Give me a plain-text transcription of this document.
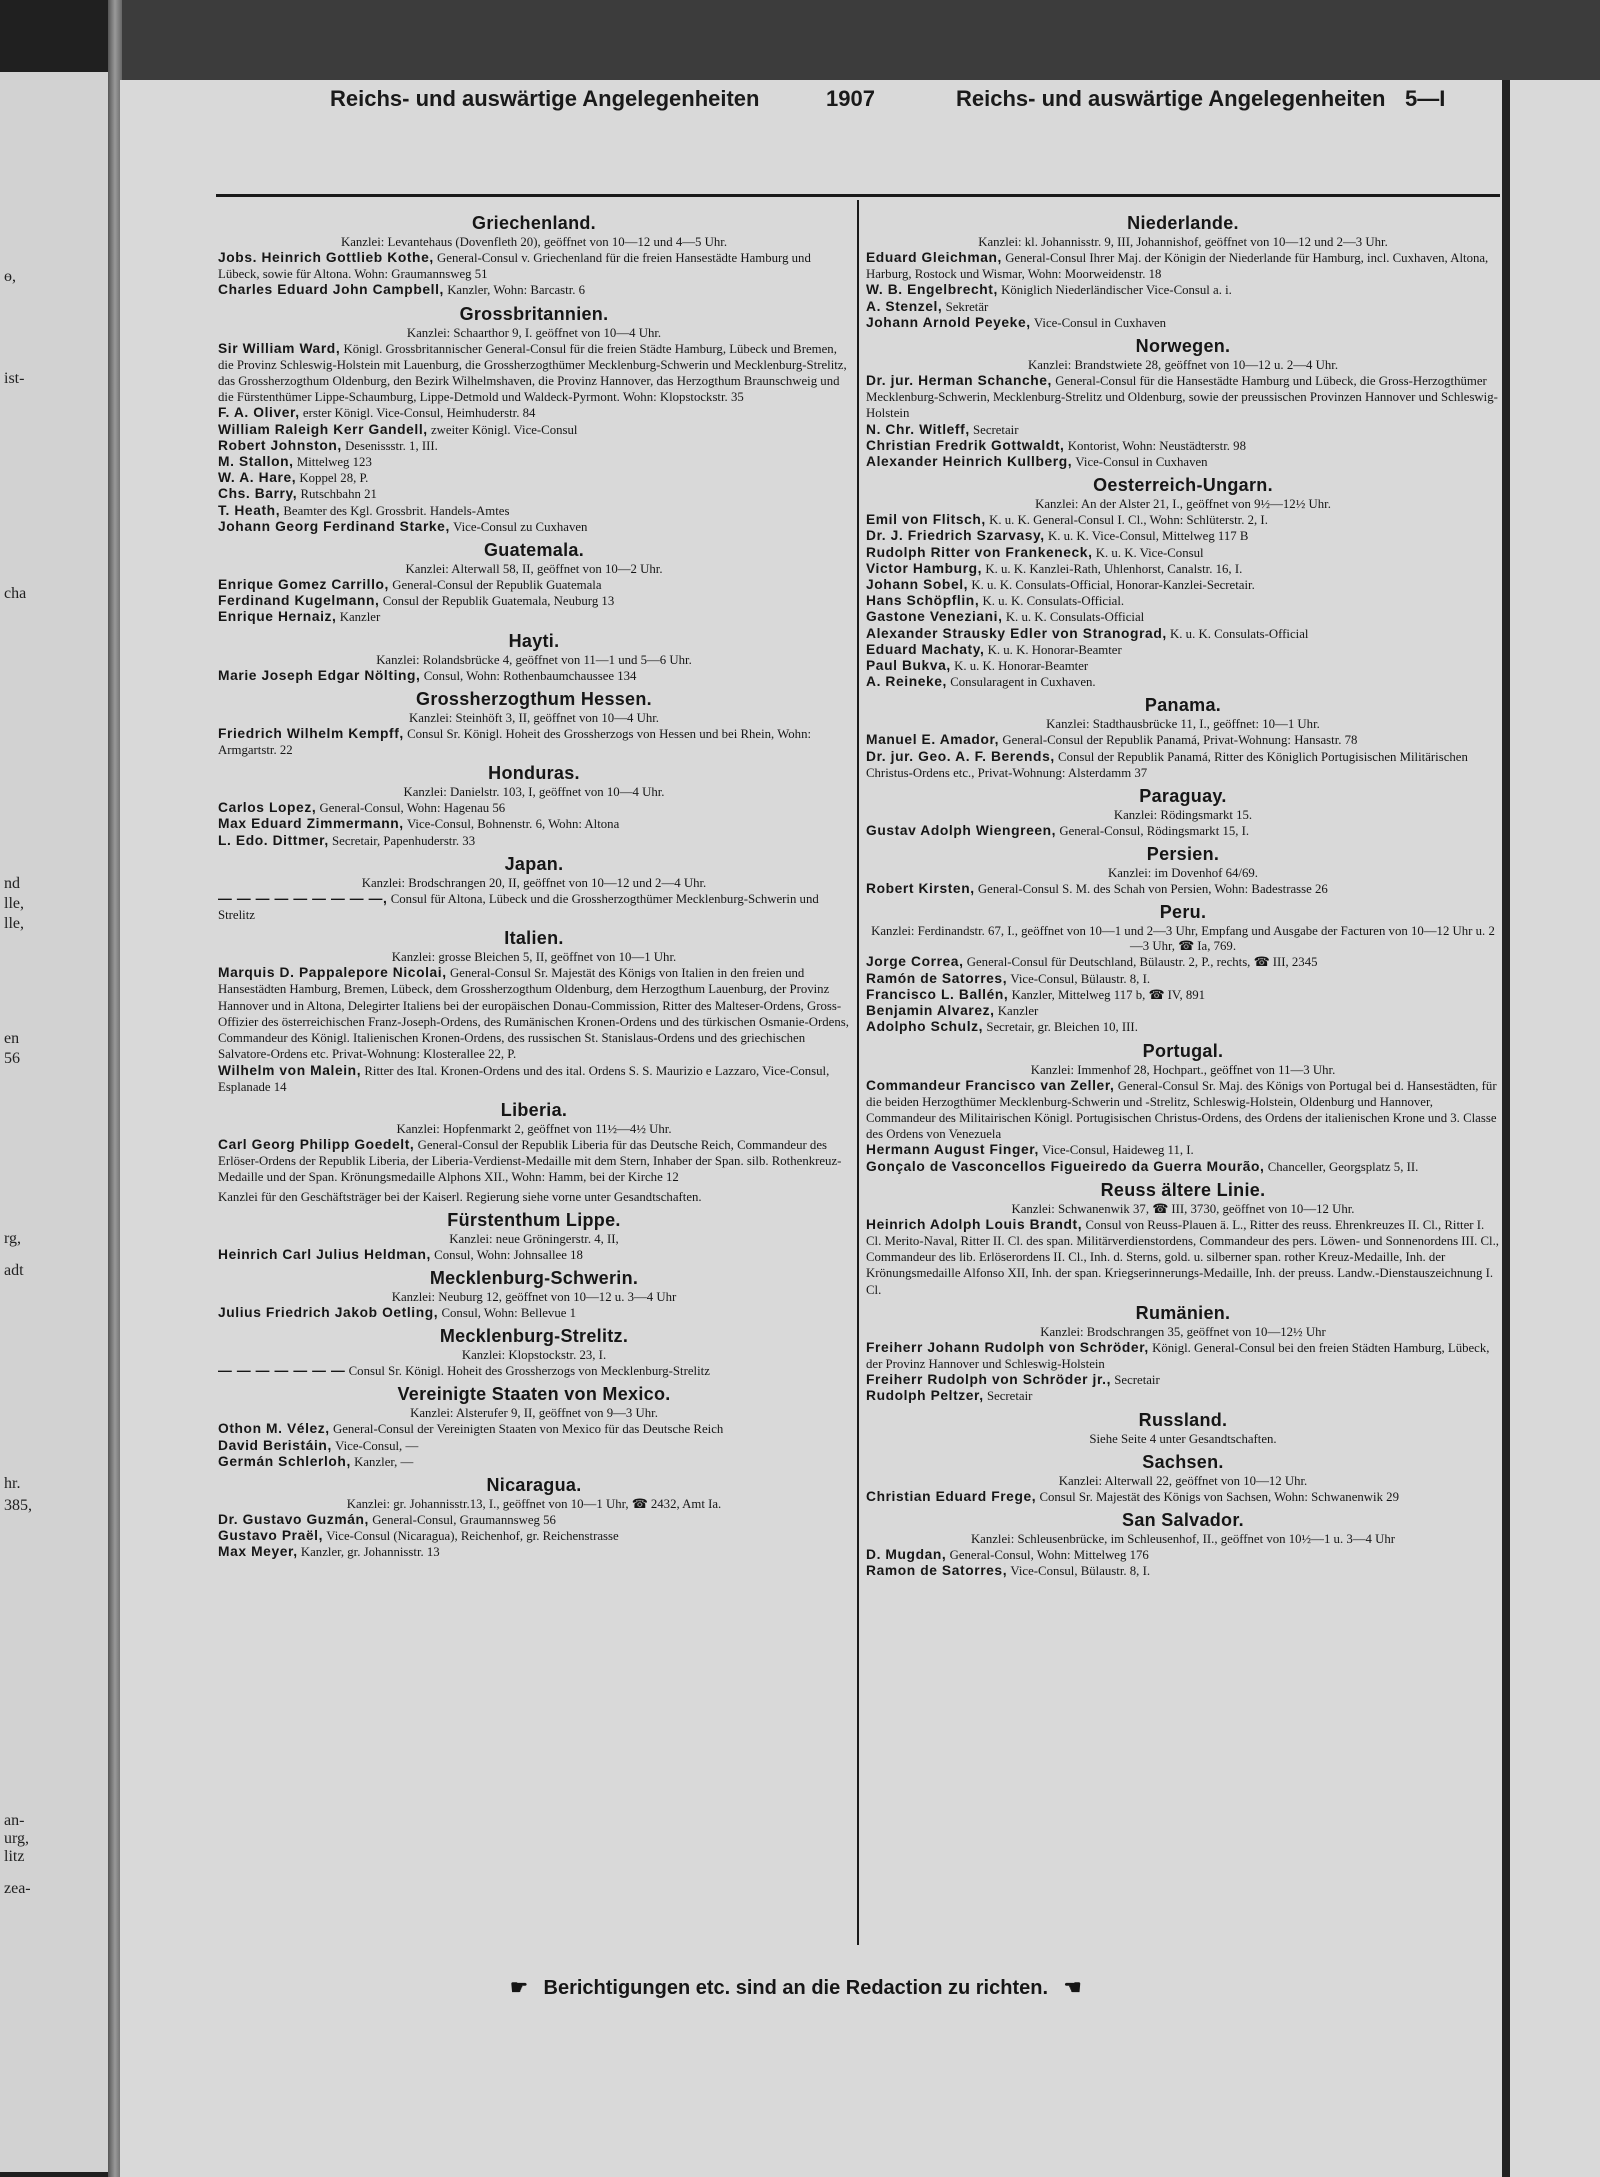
ɵ,
ist-
cha
nd
lle,
lle,
en
56
rg,
adt
hr.
385,
an-
urg,
litz
zea-
Reichs- und auswärtige Angelegenheiten	1907	Reichs- und auswärtige Angelegenheiten 5—I
Griechenland.
Kanzlei: Levantehaus (Dovenfleth 20), geöffnet von 10—12 und 4—5 Uhr.
Jobs. Heinrich Gottlieb Kothe, General-Consul v. Griechenland für die freien Hansestädte Hamburg und Lübeck, sowie für Altona. Wohn: Graumannsweg 51
Charles Eduard John Campbell, Kanzler, Wohn: Barcastr. 6
Grossbritannien.
Kanzlei: Schaarthor 9, I. geöffnet von 10—4 Uhr.
Sir William Ward, Königl. Grossbritannischer General-Consul für die freien Städte Hamburg, Lübeck und Bremen, die Provinz Schleswig-Holstein mit Lauenburg, die Grossherzogthümer Mecklenburg-Schwerin und Mecklenburg-Strelitz, das Grossherzogthum Oldenburg, den Bezirk Wilhelmshaven, die Provinz Hannover, das Herzogthum Braunschweig und die Fürstenthümer Lippe-Schaumburg, Lippe-Detmold und Waldeck-Pyrmont. Wohn: Klopstockstr. 35
F. A. Oliver, erster Königl. Vice-Consul, Heimhuderstr. 84
William Raleigh Kerr Gandell, zweiter Königl. Vice-Consul
Robert Johnston, Desenissstr. 1, III.
M. Stallon, Mittelweg 123
W. A. Hare, Koppel 28, P.
Chs. Barry, Rutschbahn 21
T. Heath, Beamter des Kgl. Grossbrit. Handels-Amtes
Johann Georg Ferdinand Starke, Vice-Consul zu Cuxhaven
Guatemala.
Kanzlei: Alterwall 58, II, geöffnet von 10—2 Uhr.
Enrique Gomez Carrillo, General-Consul der Republik Guatemala
Ferdinand Kugelmann, Consul der Republik Guatemala, Neuburg 13
Enrique Hernaiz, Kanzler
Hayti.
Kanzlei: Rolandsbrücke 4, geöffnet von 11—1 und 5—6 Uhr.
Marie Joseph Edgar Nölting, Consul, Wohn: Rothenbaumchaussee 134
Grossherzogthum Hessen.
Kanzlei: Steinhöft 3, II, geöffnet von 10—4 Uhr.
Friedrich Wilhelm Kempff, Consul Sr. Königl. Hoheit des Grossherzogs von Hessen und bei Rhein, Wohn: Armgartstr. 22
Honduras.
Kanzlei: Danielstr. 103, I, geöffnet von 10—4 Uhr.
Carlos Lopez, General-Consul, Wohn: Hagenau 56
Max Eduard Zimmermann, Vice-Consul, Bohnenstr. 6, Wohn: Altona
L. Edo. Dittmer, Secretair, Papenhuderstr. 33
Japan.
Kanzlei: Brodschrangen 20, II, geöffnet von 10—12 und 2—4 Uhr.
— — — — — — — — —, Consul für Altona, Lübeck und die Grossherzogthümer Mecklenburg-Schwerin und Strelitz
Italien.
Kanzlei: grosse Bleichen 5, II, geöffnet von 10—1 Uhr.
Marquis D. Pappalepore Nicolai, General-Consul Sr. Majestät des Königs von Italien in den freien und Hansestädten Hamburg, Bremen, Lübeck, dem Grossherzogthum Oldenburg, dem Herzogthum Lauenburg, der Provinz Hannover und in Altona, Delegirter Italiens bei der europäischen Donau-Commission, Ritter des Malteser-Ordens, Gross-Offizier des österreichischen Franz-Joseph-Ordens, des Rumänischen Kronen-Ordens und des türkischen Osmanie-Ordens, Commandeur des Königl. Italienischen Kronen-Ordens, des russischen St. Stanislaus-Ordens und des griechischen Salvatore-Ordens etc. Privat-Wohnung: Klosterallee 22, P.
Wilhelm von Malein, Ritter des Ital. Kronen-Ordens und des ital. Ordens S. S. Maurizio e Lazzaro, Vice-Consul, Esplanade 14
Liberia.
Kanzlei: Hopfenmarkt 2, geöffnet von 11½—4½ Uhr.
Carl Georg Philipp Goedelt, General-Consul der Republik Liberia für das Deutsche Reich, Commandeur des Erlöser-Ordens der Republik Liberia, der Liberia-Verdienst-Medaille mit dem Stern, Inhaber der Span. silb. Rothenkreuz-Medaille und der Span. Krönungsmedaille Alphons XII., Wohn: Hamm, bei der Kirche 12
Kanzlei für den Geschäftsträger bei der Kaiserl. Regierung siehe vorne unter Gesandtschaften.
Fürstenthum Lippe.
Kanzlei: neue Gröningerstr. 4, II,
Heinrich Carl Julius Heldman, Consul, Wohn: Johnsallee 18
Mecklenburg-Schwerin.
Kanzlei: Neuburg 12, geöffnet von 10—12 u. 3—4 Uhr
Julius Friedrich Jakob Oetling, Consul, Wohn: Bellevue 1
Mecklenburg-Strelitz.
Kanzlei: Klopstockstr. 23, I.
— — — — — — — Consul Sr. Königl. Hoheit des Grossherzogs von Mecklenburg-Strelitz
Vereinigte Staaten von Mexico.
Kanzlei: Alsterufer 9, II, geöffnet von 9—3 Uhr.
Othon M. Vélez, General-Consul der Vereinigten Staaten von Mexico für das Deutsche Reich
David Beristáin, Vice-Consul, —
Germán Schlerloh, Kanzler, —
Nicaragua.
Kanzlei: gr. Johannisstr.13, I., geöffnet von 10—1 Uhr, ☎ 2432, Amt Ia.
Dr. Gustavo Guzmán, General-Consul, Graumannsweg 56
Gustavo Praël, Vice-Consul (Nicaragua), Reichenhof, gr. Reichenstrasse
Max Meyer, Kanzler, gr. Johannisstr. 13
Niederlande.
Kanzlei: kl. Johannisstr. 9, III, Johannishof, geöffnet von 10—12 und 2—3 Uhr.
Eduard Gleichman, General-Consul Ihrer Maj. der Königin der Niederlande für Hamburg, incl. Cuxhaven, Altona, Harburg, Rostock und Wismar, Wohn: Moorweidenstr. 18
W. B. Engelbrecht, Königlich Niederländischer Vice-Consul a. i.
A. Stenzel, Sekretär
Johann Arnold Peyeke, Vice-Consul in Cuxhaven
Norwegen.
Kanzlei: Brandstwiete 28, geöffnet von 10—12 u. 2—4 Uhr.
Dr. jur. Herman Schanche, General-Consul für die Hansestädte Hamburg und Lübeck, die Gross-Herzogthümer Mecklenburg-Schwerin, Mecklenburg-Strelitz und Oldenburg, sowie der preussischen Provinzen Hannover und Schleswig-Holstein
N. Chr. Witleff, Secretair
Christian Fredrik Gottwaldt, Kontorist, Wohn: Neustädterstr. 98
Alexander Heinrich Kullberg, Vice-Consul in Cuxhaven
Oesterreich-Ungarn.
Kanzlei: An der Alster 21, I., geöffnet von 9½—12½ Uhr.
Emil von Flitsch, K. u. K. General-Consul I. Cl., Wohn: Schlüterstr. 2, I.
Dr. J. Friedrich Szarvasy, K. u. K. Vice-Consul, Mittelweg 117 B
Rudolph Ritter von Frankeneck, K. u. K. Vice-Consul
Victor Hamburg, K. u. K. Kanzlei-Rath, Uhlenhorst, Canalstr. 16, I.
Johann Sobel, K. u. K. Consulats-Official, Honorar-Kanzlei-Secretair.
Hans Schöpflin, K. u. K. Consulats-Official.
Gastone Veneziani, K. u. K. Consulats-Official
Alexander Strausky Edler von Stranograd, K. u. K. Consulats-Official
Eduard Machaty, K. u. K. Honorar-Beamter
Paul Bukva, K. u. K. Honorar-Beamter
A. Reineke, Consularagent in Cuxhaven.
Panama.
Kanzlei: Stadthausbrücke 11, I., geöffnet: 10—1 Uhr.
Manuel E. Amador, General-Consul der Republik Panamá, Privat-Wohnung: Hansastr. 78
Dr. jur. Geo. A. F. Berends, Consul der Republik Panamá, Ritter des Königlich Portugisischen Militärischen Christus-Ordens etc., Privat-Wohnung: Alsterdamm 37
Paraguay.
Kanzlei: Rödingsmarkt 15.
Gustav Adolph Wiengreen, General-Consul, Rödingsmarkt 15, I.
Persien.
Kanzlei: im Dovenhof 64/69.
Robert Kirsten, General-Consul S. M. des Schah von Persien, Wohn: Badestrasse 26
Peru.
Kanzlei: Ferdinandstr. 67, I., geöffnet von 10—1 und 2—3 Uhr, Empfang und Ausgabe der Facturen von 10—12 Uhr u. 2—3 Uhr, ☎ Ia, 769.
Jorge Correa, General-Consul für Deutschland, Bülaustr. 2, P., rechts, ☎ III, 2345
Ramón de Satorres, Vice-Consul, Bülaustr. 8, I.
Francisco L. Ballén, Kanzler, Mittelweg 117 b, ☎ IV, 891
Benjamin Alvarez, Kanzler
Adolpho Schulz, Secretair, gr. Bleichen 10, III.
Portugal.
Kanzlei: Immenhof 28, Hochpart., geöffnet von 11—3 Uhr.
Commandeur Francisco van Zeller, General-Consul Sr. Maj. des Königs von Portugal bei d. Hansestädten, für die beiden Herzogthümer Mecklenburg-Schwerin und -Strelitz, Schleswig-Holstein, Oldenburg und Hannover, Commandeur des Militairischen Königl. Portugisischen Christus-Ordens, des Ordens der italienischen Krone und 3. Classe des Ordens von Venezuela
Hermann August Finger, Vice-Consul, Haideweg 11, I.
Gonçalo de Vasconcellos Figueiredo da Guerra Mourão, Chanceller, Georgsplatz 5, II.
Reuss ältere Linie.
Kanzlei: Schwanenwik 37, ☎ III, 3730, geöffnet von 10—12 Uhr.
Heinrich Adolph Louis Brandt, Consul von Reuss-Plauen ä. L., Ritter des reuss. Ehrenkreuzes II. Cl., Ritter I. Cl. Merito-Naval, Ritter II. Cl. des span. Militärverdienstordens, Commandeur des pers. Löwen- und Sonnenordens III. Cl., Commandeur des lib. Erlöserordens II. Cl., Inh. d. Sterns, gold. u. silberner span. rother Kreuz-Medaille, Inh. der Krönungsmedaille Alfonso XII, Inh. der span. Kriegserinnerungs-Medaille, Inh. der preuss. Landw.-Dienstauszeichnung I. Cl.
Rumänien.
Kanzlei: Brodschrangen 35, geöffnet von 10—12½ Uhr
Freiherr Johann Rudolph von Schröder, Königl. General-Consul bei den freien Städten Hamburg, Lübeck, der Provinz Hannover und Schleswig-Holstein
Freiherr Rudolph von Schröder jr., Secretair
Rudolph Peltzer, Secretair
Russland.
Siehe Seite 4 unter Gesandtschaften.
Sachsen.
Kanzlei: Alterwall 22, geöffnet von 10—12 Uhr.
Christian Eduard Frege, Consul Sr. Majestät des Königs von Sachsen, Wohn: Schwanenwik 29
San Salvador.
Kanzlei: Schleusenbrücke, im Schleusenhof, II., geöffnet von 10½—1 u. 3—4 Uhr
D. Mugdan, General-Consul, Wohn: Mittelweg 176
Ramon de Satorres, Vice-Consul, Bülaustr. 8, I.
☛ Berichtigungen etc. sind an die Redaction zu richten. ☚
